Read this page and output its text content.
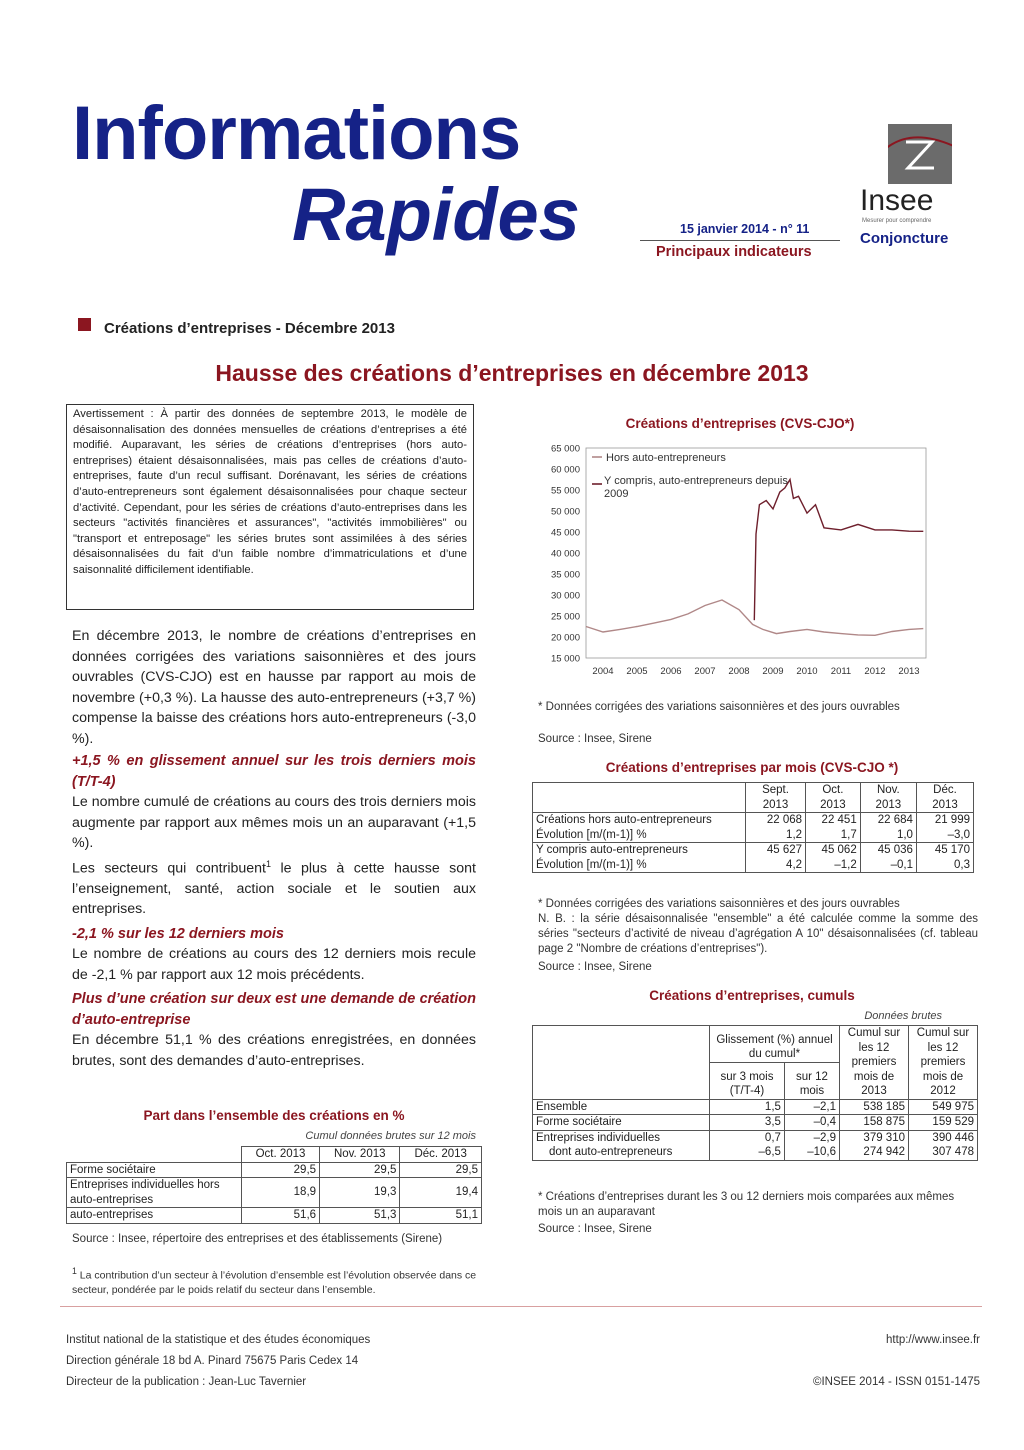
Informations
Rapides	15 janvier 2014 - n° 11
Principaux indicateurs
Insee
Mesurer pour comprendre
Conjoncture
Créations d’entreprises - Décembre 2013
Hausse des créations d’entreprises en décembre 2013
Avertissement : À partir des données de septembre 2013, le modèle de désaisonnalisation des données mensuelles de créations d’entreprises a été modifié. Auparavant, les séries de créations d’entreprises (hors auto-entreprises) étaient désaisonnalisées, mais pas celles de créations d’auto-entreprises, faute d’un recul suffisant. Dorénavant, les séries de créations d’auto-entrepreneurs sont également désaisonnalisées pour chaque secteur d’activité. Cependant, pour les séries de créations d’auto-entreprises dans les secteurs "activités financières et assurances", "activités immobilières" ou "transport et entreposage" les séries brutes sont assimilées à des séries désaisonnalisées du fait d’un faible nombre d’immatriculations et d’une saisonnalité difficilement identifiable.

En décembre 2013, le nombre de créations d’entreprises en données corrigées des variations saisonnières et des jours ouvrables (CVS-CJO) est en hausse par rapport au mois de novembre (+0,3 %). La hausse des auto-entrepreneurs (+3,7 %) compense la baisse des créations hors auto-entrepreneurs (-3,0 %).

+1,5 % en glissement annuel sur les trois derniers mois (T/T-4)

Le nombre cumulé de créations au cours des trois derniers mois augmente par rapport aux mêmes mois un an auparavant (+1,5 %).

Les secteurs qui contribuent$^1$ le plus à cette hausse sont l’enseignement, santé, action sociale et le soutien aux entreprises.

-2,1 % sur les 12 derniers mois

Le nombre de créations au cours des 12 derniers mois recule de -2,1 % par rapport aux 12 mois précédents.

Plus d’une création sur deux est une demande de création d’auto-entreprise

En décembre 51,1 % des créations enregistrées, en données brutes, sont des demandes d’auto-entreprises.

Part dans l’ensemble des créations en %
Cumul données brutes sur 12 mois
	Oct. 2013	Nov. 2013	Déc. 2013
Forme sociétaire	29,5	29,5	29,5
Entreprises individuelles hors auto-entreprises	18,9	19,3	19,4
auto-entreprises	51,6	51,3	51,1
Source : Insee, répertoire des entreprises et des établissements (Sirene)
$^1$ La contribution d’un secteur à l’évolution d’ensemble est l’évolution observée dans ce secteur, pondérée par le poids relatif du secteur dans l’ensemble.
Créations d’entreprises (CVS-CJO*)
65 000
60 000
55 000
50 000
45 000
40 000
35 000
30 000
25 000
20 000
15 000
2004 2005 2006 2007 2008 2009 2010 2011 2012 2013
Hors auto-entrepreneurs
Y compris, auto-entrepreneurs depuis 2009
* Données corrigées des variations saisonnières et des jours ouvrables
Source : Insee, Sirene
Créations d’entreprises par mois (CVS-CJO *)
	Sept. 2013	Oct. 2013	Nov. 2013	Déc. 2013
Créations hors auto-entrepreneurs	22 068	22 451	22 684	21 999
Évolution [m/(m-1)] %	1,2	1,7	1,0	–3,0
Y compris auto-entrepreneurs	45 627	45 062	45 036	45 170
Évolution [m/(m-1)] %	4,2	–1,2	–0,1	0,3
* Données corrigées des variations saisonnières et des jours ouvrables
N. B. : la série désaisonnalisée "ensemble" a été calculée comme la somme des séries "secteurs d’activité de niveau d’agrégation A 10" désaisonnalisées (cf. tableau page 2 "Nombre de créations d’entreprises").
Source : Insee, Sirene
Créations d’entreprises, cumuls
Données brutes
	Glissement (%) annuel du cumul*		Cumul sur les 12 premiers mois de 2013	Cumul sur les 12 premiers mois de 2012
	sur 3 mois (T/T-4)	sur 12 mois		
Ensemble	1,5	–2,1	538 185	549 975
Forme sociétaire	3,5	–0,4	158 875	159 529
Entreprises individuelles	0,7	–2,9	379 310	390 446
dont auto-entrepreneurs	–6,5	–10,6	274 942	307 478
* Créations d’entreprises durant les 3 ou 12 derniers mois comparées aux mêmes mois un an auparavant
Source : Insee, Sirene
Institut national de la statistique et des études économiques
Direction générale 18 bd A. Pinard 75675 Paris Cedex 14
Directeur de la publication : Jean-Luc Tavernier
http://www.insee.fr
©INSEE 2014 - ISSN 0151-1475
